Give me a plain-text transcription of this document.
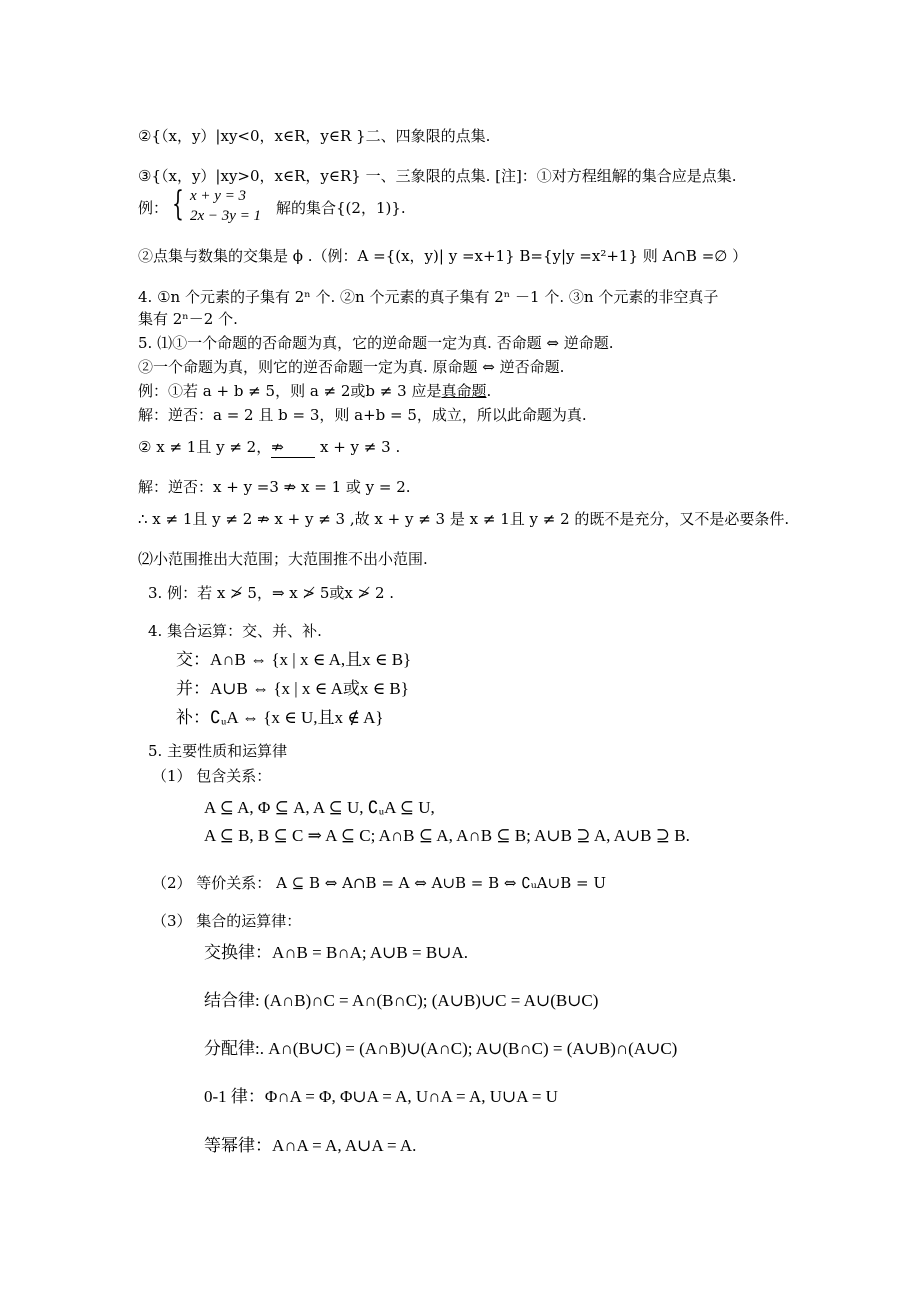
②{（x，y）|xy<0，x∈R，y∈R }二、四象限的点集.
③{（x，y）|xy>0，x∈R，y∈R} 一、三象限的点集. [注]：①对方程组解的集合应是点集.
例： { x + y = 3
2x − 3y = 1 解的集合{(2，1)}.
②点集与数集的交集是 ϕ .（例：A ={(x，y)| y =x+1} B={y|y =x²+1} 则 A∩B =∅ ）
4. ①n 个元素的子集有 2ⁿ 个. ②n 个元素的真子集有 2ⁿ －1 个. ③n 个元素的非空真子
集有 2ⁿ－2 个.
5. ⑴①一个命题的否命题为真，它的逆命题一定为真. 否命题 ⇔ 逆命题.
②一个命题为真，则它的逆否命题一定为真. 原命题 ⇔ 逆否命题.
例：①若 a + b ≠ 5，则 a ≠ 2或b ≠ 3 应是真命题.
解：逆否：a = 2 且 b = 3，则 a+b = 5，成立，所以此命题为真.
② x ≠ 1且 y ≠ 2，⇏ x + y ≠ 3 .
解：逆否：x + y =3 ⇏ x = 1 或 y = 2.
∴ x ≠ 1且 y ≠ 2 ⇏ x + y ≠ 3 ,故 x + y ≠ 3 是 x ≠ 1且 y ≠ 2 的既不是充分，又不是必要条件.
⑵小范围推出大范围；大范围推不出小范围.
3. 例：若 x ≯ 5，⇒ x ≯ 5或x ≯ 2 .
4. 集合运算：交、并、补.
交：A∩B ⇔ {x | x ∈ A,且x ∈ B}
并：A∪B ⇔ {x | x ∈ A或x ∈ B}
补：∁ᵤA ⇔ {x ∈ U,且x ∉ A}
5. 主要性质和运算律
（1） 包含关系：
A ⊆ A, Φ ⊆ A, A ⊆ U, ∁ᵤA ⊆ U,
A ⊆ B, B ⊆ C ⇒ A ⊆ C; A∩B ⊆ A, A∩B ⊆ B; A∪B ⊇ A, A∪B ⊇ B.
（2） 等价关系： A ⊆ B ⇔ A∩B = A ⇔ A∪B = B ⇔ ∁ᵤA∪B = U
（3） 集合的运算律：
交换律：A∩B = B∩A; A∪B = B∪A.
结合律: (A∩B)∩C = A∩(B∩C); (A∪B)∪C = A∪(B∪C)
分配律:. A∩(B∪C) = (A∩B)∪(A∩C); A∪(B∩C) = (A∪B)∩(A∪C)
0-1 律：Φ∩A = Φ, Φ∪A = A, U∩A = A, U∪A = U
等幂律：A∩A = A, A∪A = A.
